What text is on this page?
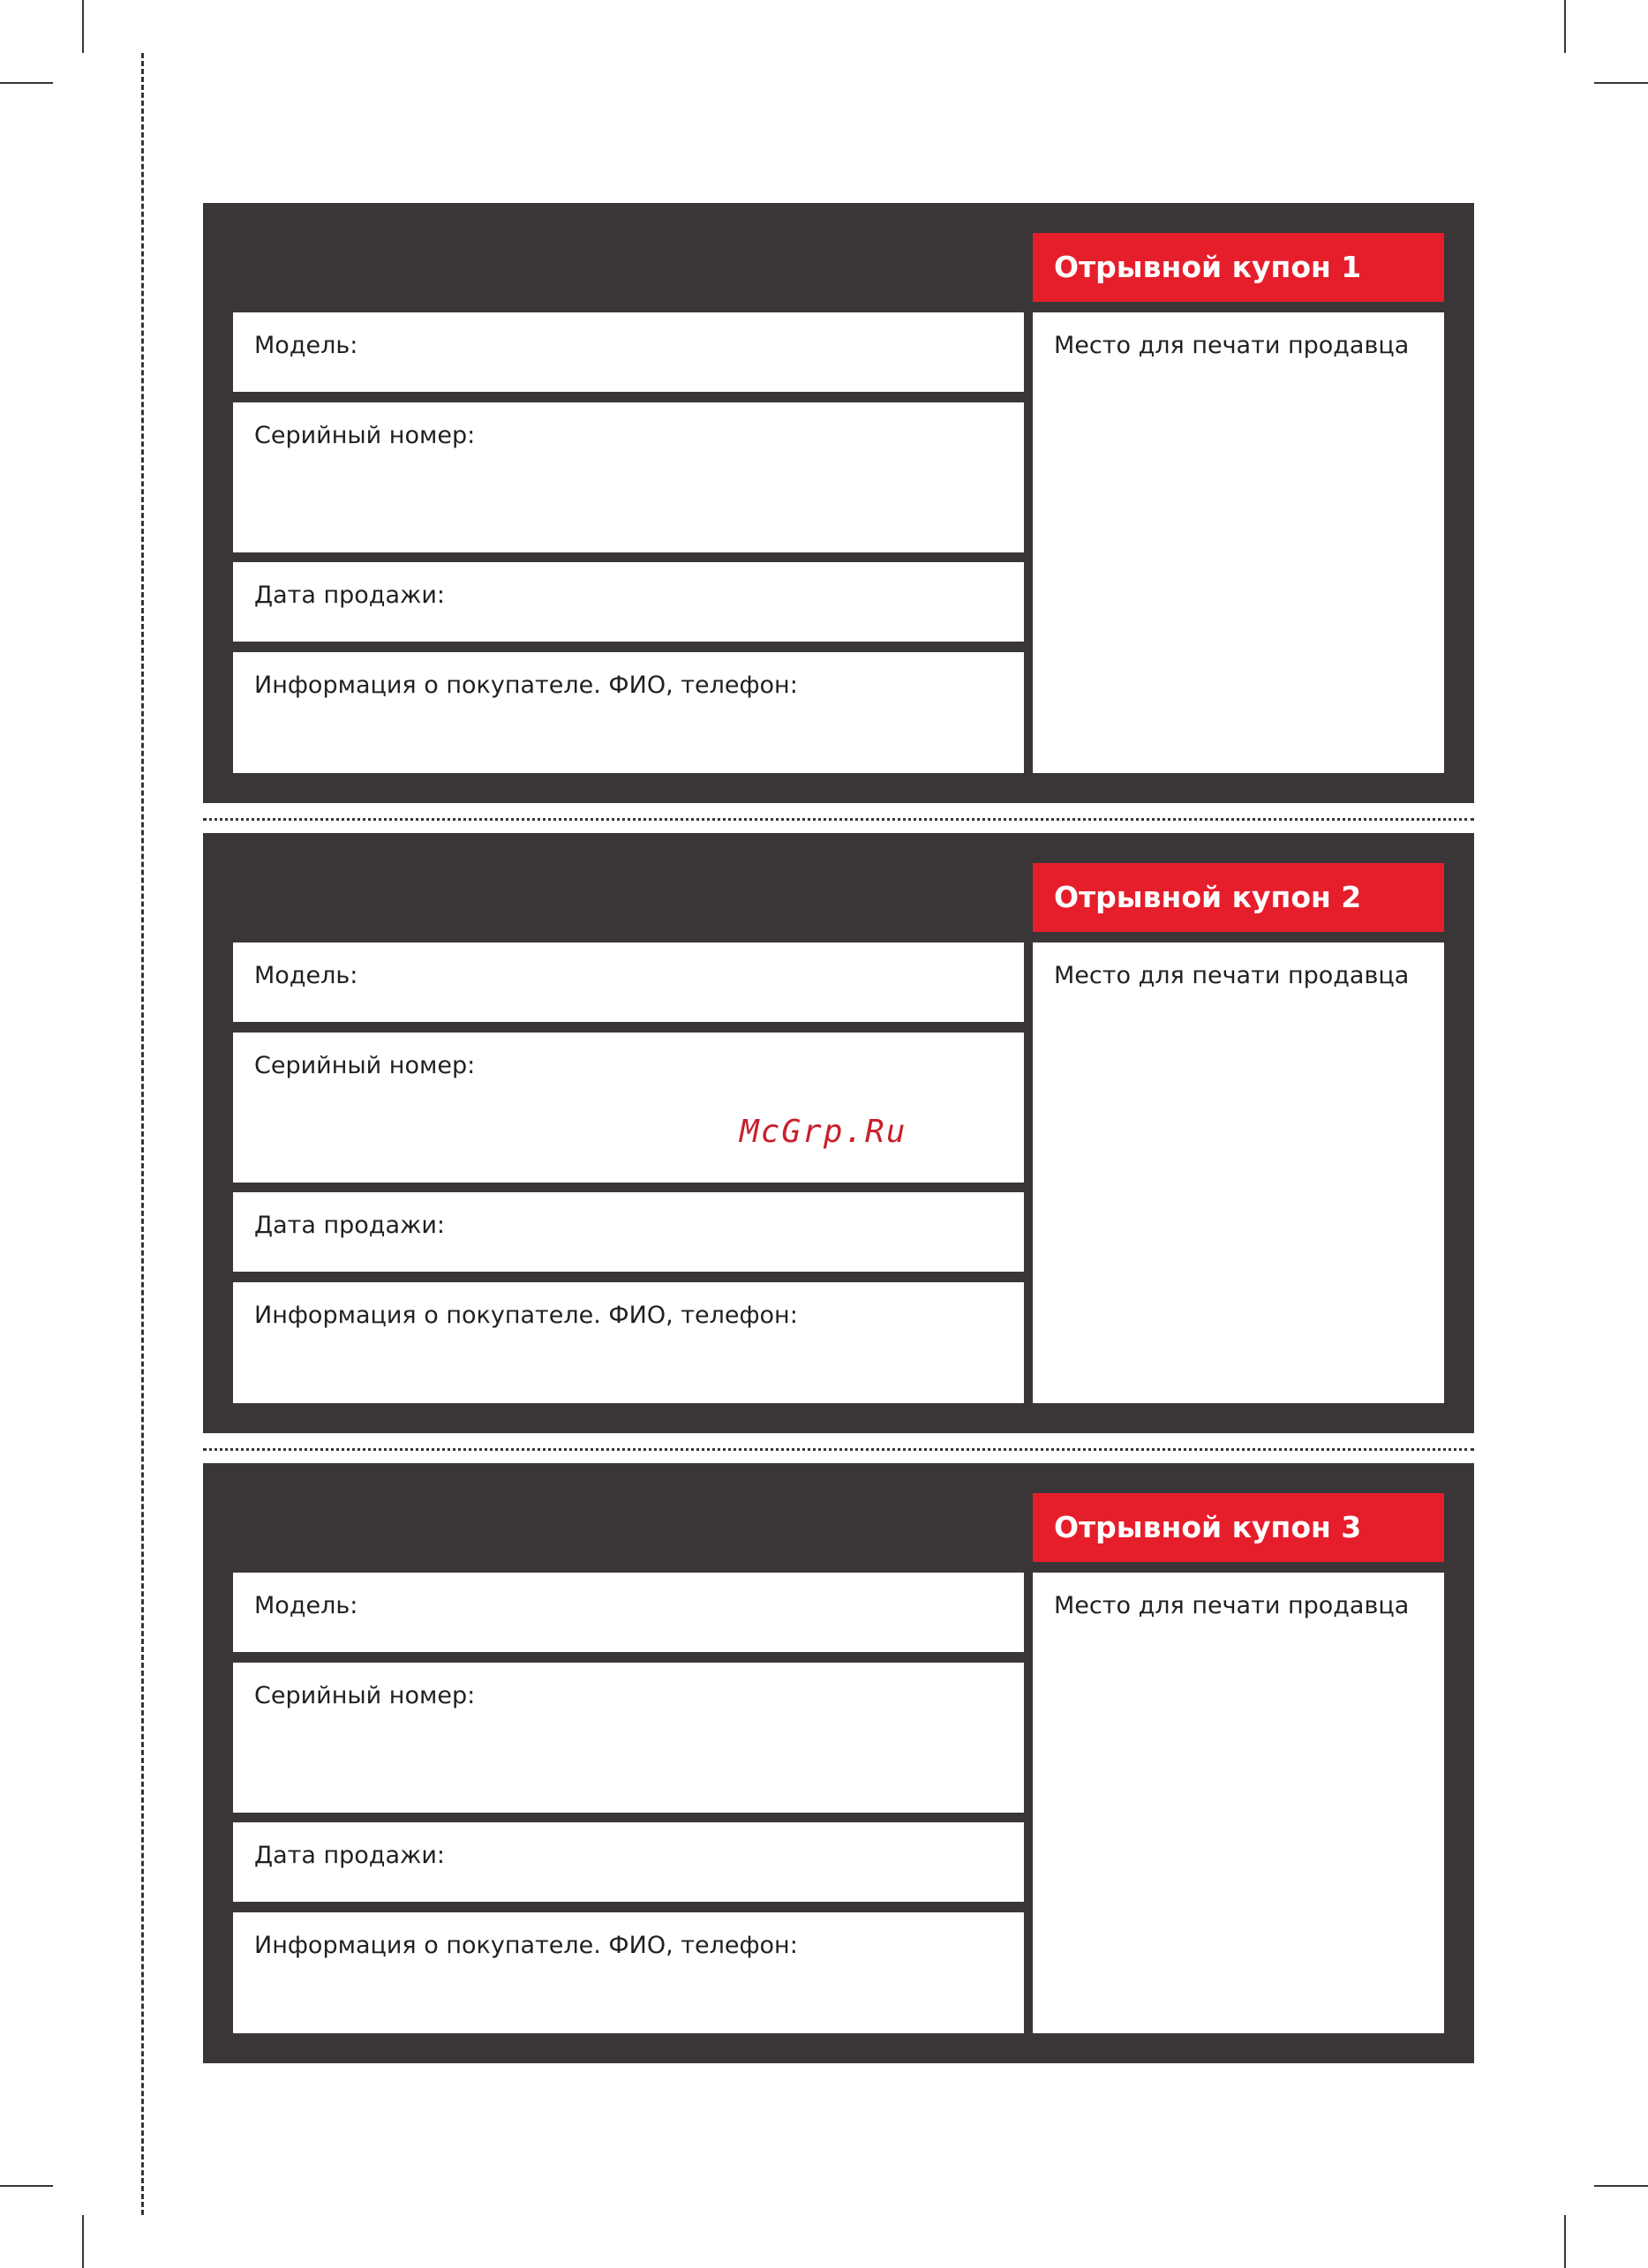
Отрывной купон 1
Модель:
Серийный номер:
Дата продажи:
Информация о покупателе. ФИО, телефон:
Место для печати продавца
Отрывной купон 2
Модель:
Серийный номер:
Дата продажи:
Информация о покупателе. ФИО, телефон:
Место для печати продавца
Отрывной купон 3
Модель:
Серийный номер:
Дата продажи:
Информация о покупателе. ФИО, телефон:
Место для печати продавца
McGrp.Ru
